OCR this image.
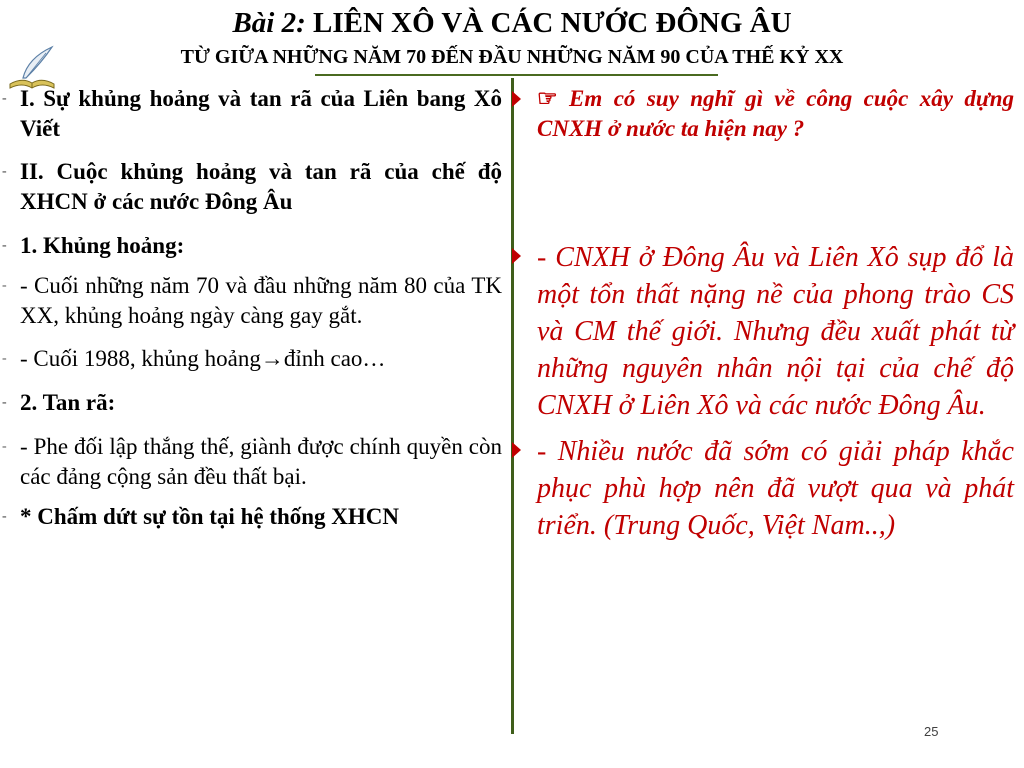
Bài 2: LIÊN XÔ VÀ CÁC NƯỚC ĐÔNG ÂU
TỪ GIỮA NHỮNG NĂM 70 ĐẾN ĐẦU NHỮNG NĂM 90 CỦA THẾ KỶ XX
- I. Sự khủng hoảng và tan rã của Liên bang Xô Viết
- II. Cuộc khủng hoảng và tan rã của chế độ XHCN ở các nước Đông Âu
- 1. Khủng hoảng:
- - Cuối những năm 70 và đầu những năm 80 của TK XX, khủng hoảng ngày càng gay gắt.
- - Cuối 1988, khủng hoảng→đỉnh cao…
- 2. Tan rã:
- - Phe đối lập thắng thế, giành được chính quyền còn các đảng cộng sản đều thất bại.
- * Chấm dứt sự tồn tại hệ thống XHCN
☞ Em có suy nghĩ gì về công cuộc xây dựng CNXH ở nước ta hiện nay ?
- CNXH ở Đông Âu và Liên Xô sụp đổ là một tổn thất nặng nề của phong trào CS và CM thế giới. Nhưng đều xuất phát từ những nguyên nhân nội tại của chế độ CNXH ở Liên Xô và các nước Đông Âu.
- Nhiều nước đã sớm có giải pháp khắc phục phù hợp nên đã vượt qua và phát triển. (Trung Quốc, Việt Nam..,)
25
